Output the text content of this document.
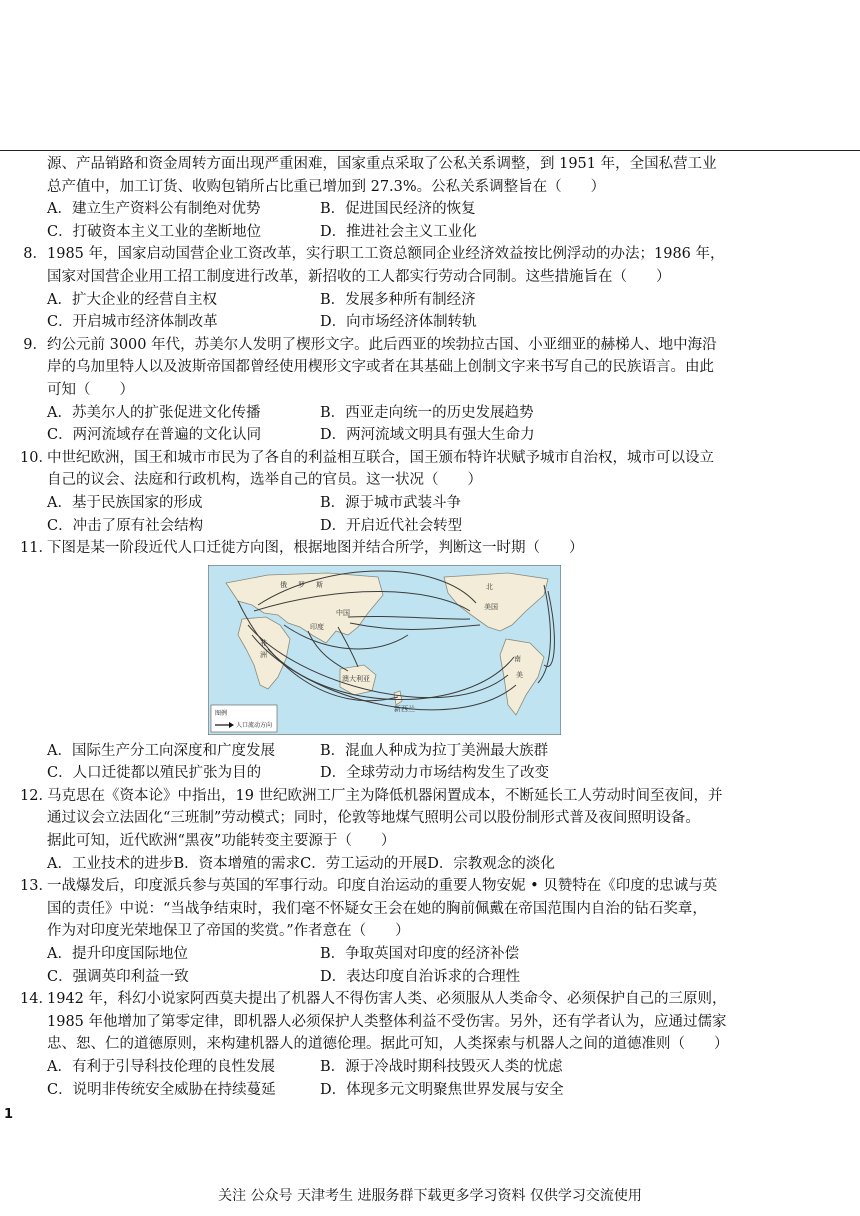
源、产品销路和资金周转方面出现严重困难，国家重点采取了公私关系调整，到 1951 年，全国私营工业
总产值中，加工订货、收购包销所占比重已增加到 27.3%。公私关系调整旨在（　　）
A．建立生产资料公有制绝对优势	B．促进国民经济的恢复
C．打破资本主义工业的垄断地位	D．推进社会主义工业化
8． 1985 年，国家启动国营企业工资改革，实行职工工资总额同企业经济效益按比例浮动的办法；1986 年，
国家对国营企业用工招工制度进行改革，新招收的工人都实行劳动合同制。这些措施旨在（　　）
A．扩大企业的经营自主权	B．发展多种所有制经济
C．开启城市经济体制改革	D．向市场经济体制转轨
9． 约公元前 3000 年代，苏美尔人发明了楔形文字。此后西亚的埃勃拉古国、小亚细亚的赫梯人、地中海沿
岸的乌加里特人以及波斯帝国都曾经使用楔形文字或者在其基础上创制文字来书写自己的民族语言。由此
可知（　　）
A．苏美尔人的扩张促进文化传播	B．西亚走向统一的历史发展趋势
C．两河流域存在普遍的文化认同	D．两河流域文明具有强大生命力
10．
中世纪欧洲，国王和城市市民为了各自的利益相互联合，国王颁布特许状赋予城市自治权，城市可以设立
自己的议会、法庭和行政机构，选举自己的官员。这一状况（　　）
A．基于民族国家的形成	B．源于城市武装斗争
C．冲击了原有社会结构	D．开启近代社会转型
11．
下图是某一阶段近代人口迁徙方向图，根据地图并结合所学，判断这一时期（　　）
俄 罗 斯
中国
印度
北
美国
澳大利亚
新西兰
南
美
非
洲
图例
人口流动方向
A．国际生产分工向深度和广度发展	B．混血人种成为拉丁美洲最大族群
C．人口迁徙都以殖民扩张为目的	D．全球劳动力市场结构发生了改变
12．
马克思在《资本论》中指出，19 世纪欧洲工厂主为降低机器闲置成本，不断延长工人劳动时间至夜间，并
通过议会立法固化“三班制”劳动模式；同时，伦敦等地煤气照明公司以股份制形式普及夜间照明设备。
据此可知，近代欧洲“黑夜”功能转变主要源于（　　）
A．工业技术的进步B．资本增殖的需求C．劳工运动的开展D．宗教观念的淡化
13．
一战爆发后，印度派兵参与英国的军事行动。印度自治运动的重要人物安妮 • 贝赞特在《印度的忠诚与英
国的责任》中说：“当战争结束时，我们毫不怀疑女王会在她的胸前佩戴在帝国范围内自治的钻石奖章，
作为对印度光荣地保卫了帝国的奖赏。”作者意在（　　）
A．提升印度国际地位	B．争取英国对印度的经济补偿
C．强调英印利益一致	D．表达印度自治诉求的合理性
14．
1942 年，科幻小说家阿西莫夫提出了机器人不得伤害人类、必须服从人类命令、必须保护自己的三原则，
1985 年他增加了第零定律，即机器人必须保护人类整体利益不受伤害。另外，还有学者认为，应通过儒家
忠、恕、仁的道德原则，来构建机器人的道德伦理。据此可知，人类探索与机器人之间的道德准则（　　）
A．有利于引导科技伦理的良性发展	B．源于冷战时期科技毁灭人类的忧虑
C．说明非传统安全威胁在持续蔓延	D．体现多元文明聚焦世界发展与安全
1
关注 公众号 天津考生 进服务群下载更多学习资料 仅供学习交流使用
